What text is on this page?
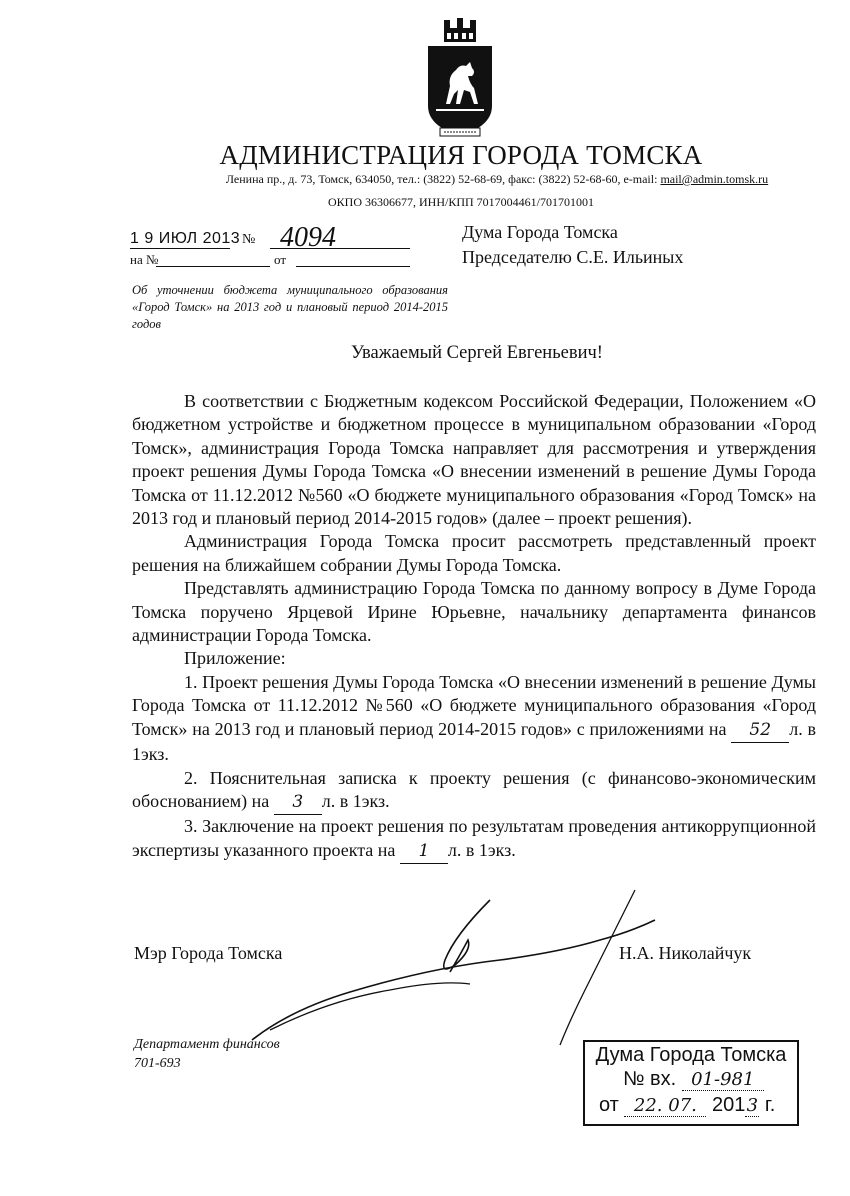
АДМИНИСТРАЦИЯ ГОРОДА ТОМСКА
Ленина пр., д. 73, Томск, 634050, тел.: (3822) 52-68-69, факс: (3822) 52-68-60, e-mail: mail@admin.tomsk.ru
ОКПО 36306677, ИНН/КПП 7017004461/701701001
1 9 ИЮЛ 2013 № 4094
на №	от
Дума Города Томска
Председателю С.Е. Ильиных
Об уточнении бюджета муниципального образования «Город Томск» на 2013 год и плановый период 2014-2015 годов
Уважаемый Сергей Евгеньевич!

В соответствии с Бюджетным кодексом Российской Федерации, Положением «О бюджетном устройстве и бюджетном процессе в муниципальном образовании «Город Томск», администрация Города Томска направляет для рассмотрения и утверждения проект решения Думы Города Томска «О внесении изменений в решение Думы Города Томска от 11.12.2012 №560 «О бюджете муниципального образования «Город Томск» на 2013 год и плановый период 2014-2015 годов» (далее – проект решения).

Администрация Города Томска просит рассмотреть представленный проект решения на ближайшем собрании Думы Города Томска.

Представлять администрацию Города Томска по данному вопросу в Думе Города Томска поручено Ярцевой Ирине Юрьевне, начальнику департамента финансов администрации Города Томска.

Приложение:

1. Проект решения Думы Города Томска «О внесении изменений в решение Думы Города Томска от 11.12.2012 №560 «О бюджете муниципального образования «Город Томск» на 2013 год и плановый период 2014-2015 годов» с приложениями на 52 л. в 1экз.

2. Пояснительная записка к проекту решения (с финансово-экономическим обоснованием) на 3 л. в 1экз.

3. Заключение на проект решения по результатам проведения антикоррупционной экспертизы указанного проекта на 1 л. в 1экз.

Мэр Города Томска	Н.А. Николайчук
Департамент финансов
701-693	Дума Города Томска
№ вх. 01-981
от 22. 07. 2013 г.
